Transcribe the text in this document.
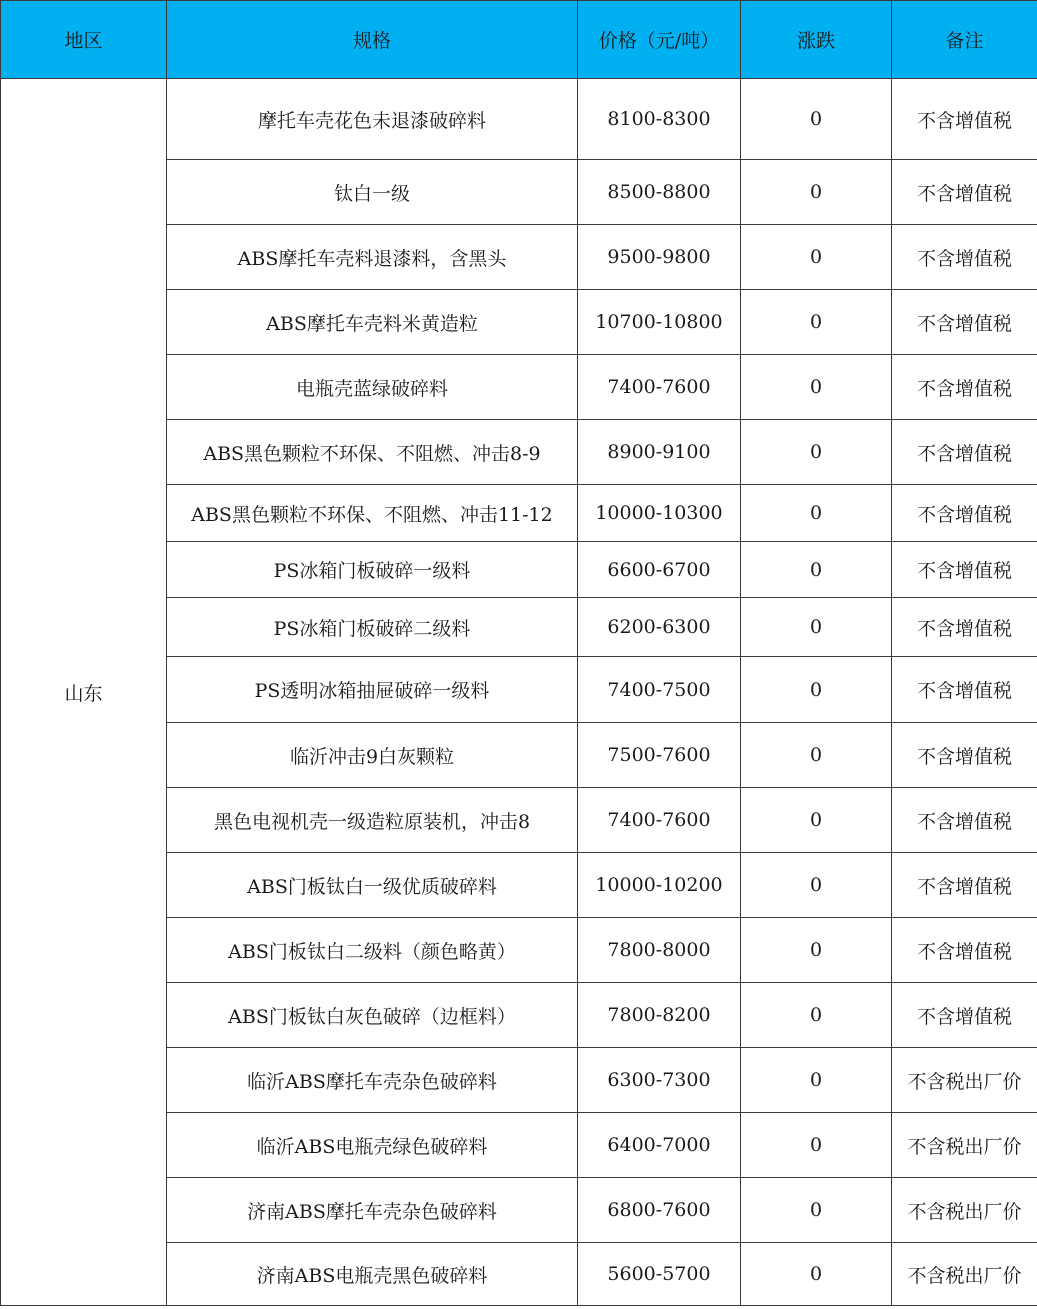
地区	规格	价格（元/吨）	涨跌	备注
山东	摩托车壳花色未退漆破碎料	8100-8300	0	不含增值税
	钛白一级	8500-8800	0	不含增值税
	ABS摩托车壳料退漆料，含黑头	9500-9800	0	不含增值税
	ABS摩托车壳料米黄造粒	10700-10800	0	不含增值税
	电瓶壳蓝绿破碎料	7400-7600	0	不含增值税
	ABS黑色颗粒不环保、不阻燃、冲击8-9	8900-9100	0	不含增值税
	ABS黑色颗粒不环保、不阻燃、冲击11-12	10000-10300	0	不含增值税
	PS冰箱门板破碎一级料	6600-6700	0	不含增值税
	PS冰箱门板破碎二级料	6200-6300	0	不含增值税
	PS透明冰箱抽屉破碎一级料	7400-7500	0	不含增值税
	临沂冲击9白灰颗粒	7500-7600	0	不含增值税
	黑色电视机壳一级造粒原装机，冲击8	7400-7600	0	不含增值税
	ABS门板钛白一级优质破碎料	10000-10200	0	不含增值税
	ABS门板钛白二级料（颜色略黄）	7800-8000	0	不含增值税
	ABS门板钛白灰色破碎（边框料）	7800-8200	0	不含增值税
	临沂ABS摩托车壳杂色破碎料	6300-7300	0	不含税出厂价
	临沂ABS电瓶壳绿色破碎料	6400-7000	0	不含税出厂价
	济南ABS摩托车壳杂色破碎料	6800-7600	0	不含税出厂价
	济南ABS电瓶壳黑色破碎料	5600-5700	0	不含税出厂价
